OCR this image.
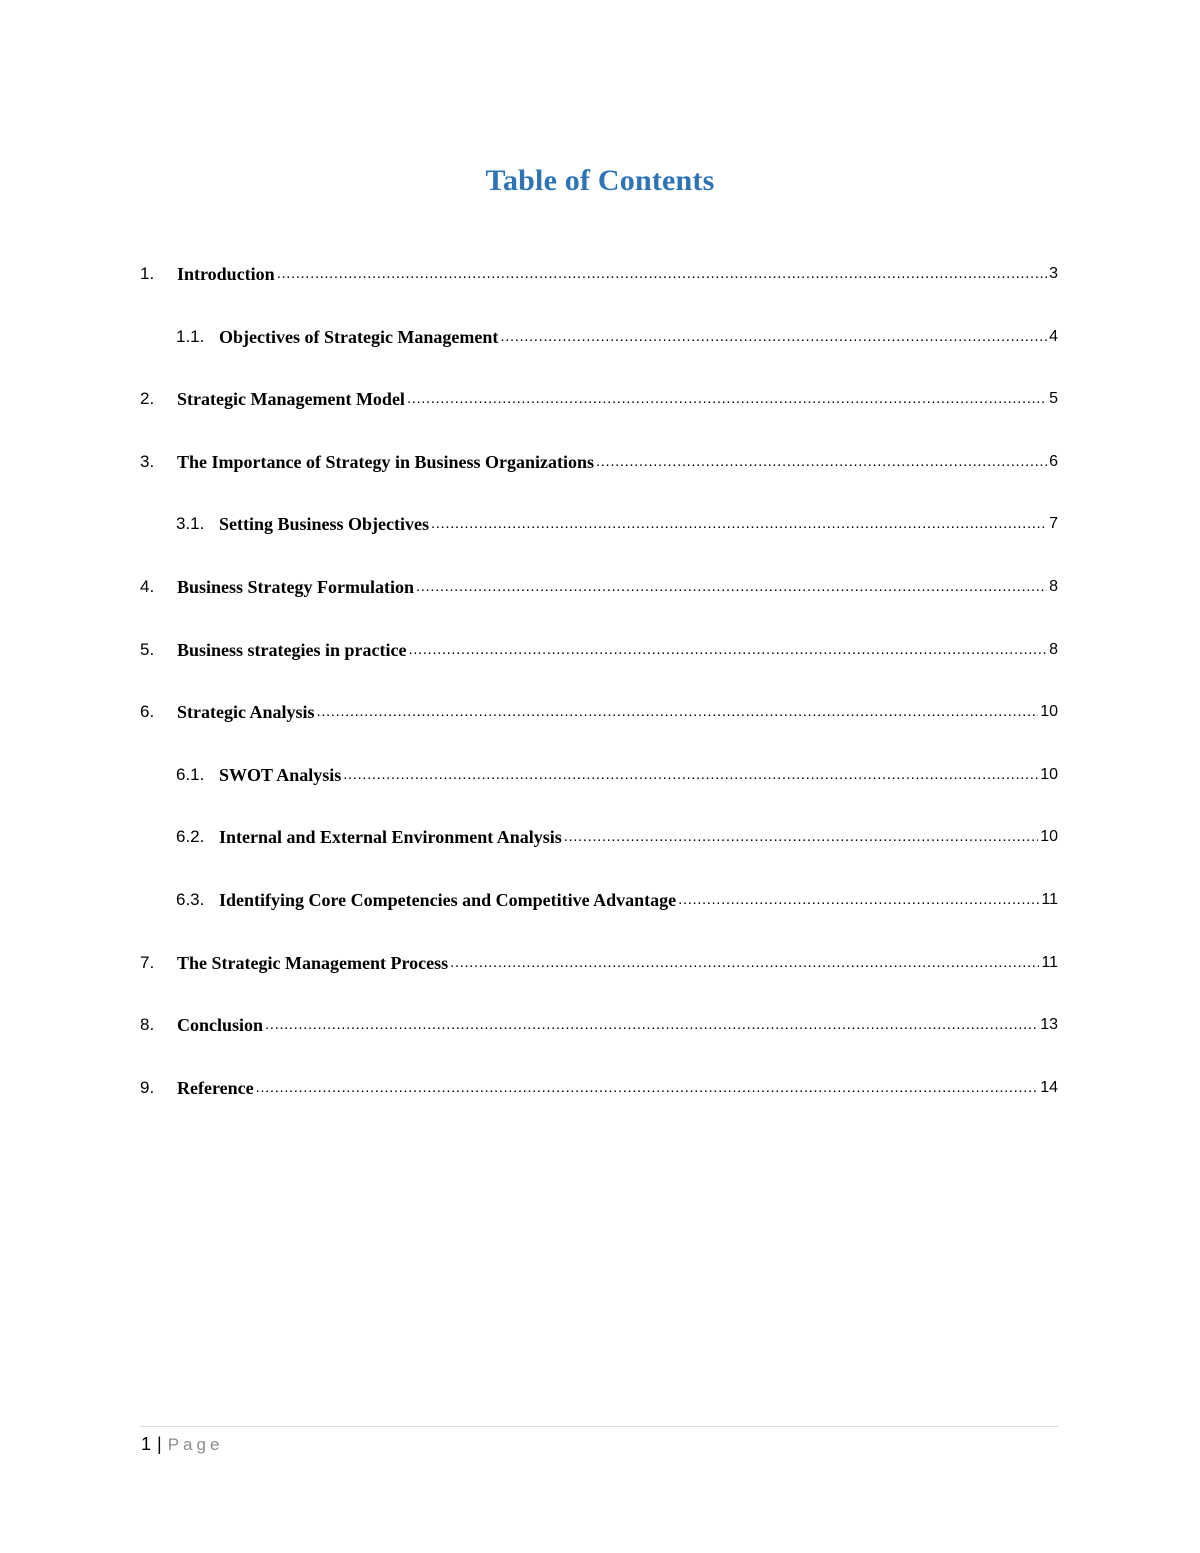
Table of Contents
1.	Introduction .....	3
1.1. Objectives of Strategic Management .....	4
2.	Strategic Management Model .....	5
3.	The Importance of Strategy in Business Organizations .....	6
3.1. Setting Business Objectives .....	7
4.	Business Strategy Formulation .....	8
5.	Business strategies in practice .....	8
6.	Strategic Analysis .....	10
6.1. SWOT Analysis .....	10
6.2. Internal and External Environment Analysis .....	10
6.3. Identifying Core Competencies and Competitive Advantage .....	11
7.	The Strategic Management Process .....	11
8.	Conclusion .....	13
9.	Reference .....	14
1 | Page
